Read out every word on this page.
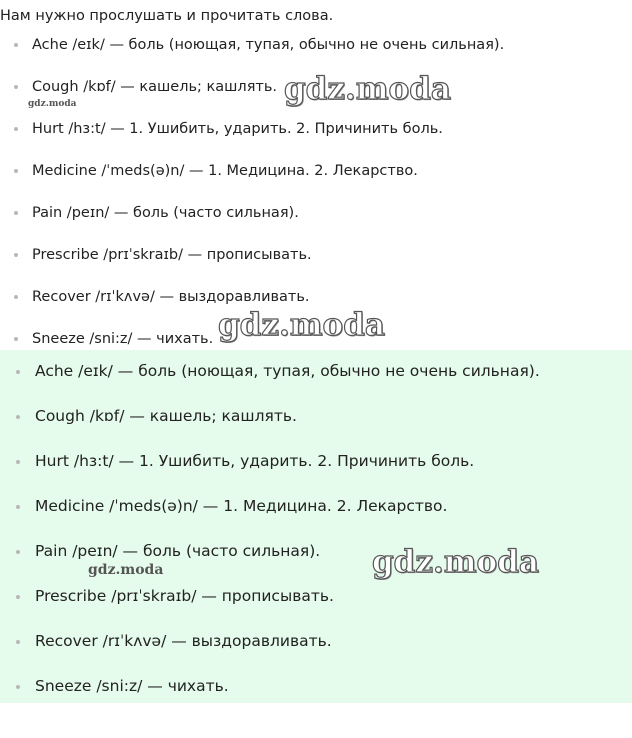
Нам нужно прослушать и прочитать слова.
Ache /eɪk/ — боль (ноющая, тупая, обычно не очень сильная).
Cough /kɒf/ — кашель; кашлять.
Hurt /hɜ:t/ — 1. Ушибить, ударить. 2. Причинить боль.
Medicine /ˈmeds(ə)n/ — 1. Медицина. 2. Лекарство.
Pain /peɪn/ — боль (часто сильная).
Prescribe /prɪˈskraɪb/ — прописывать.
Recover /rɪˈkʌvə/ — выздоравливать.
Sneeze /sni:z/ — чихать.
Ache /eɪk/ — боль (ноющая, тупая, обычно не очень сильная).
Cough /kɒf/ — кашель; кашлять.
Hurt /hɜ:t/ — 1. Ушибить, ударить. 2. Причинить боль.
Medicine /ˈmeds(ə)n/ — 1. Медицина. 2. Лекарство.
Pain /peɪn/ — боль (часто сильная).
Prescribe /prɪˈskraɪb/ — прописывать.
Recover /rɪˈkʌvə/ — выздоравливать.
Sneeze /sni:z/ — чихать.
gdz.moda
gdz.moda
gdz.moda
gdz.moda
gdz.moda
